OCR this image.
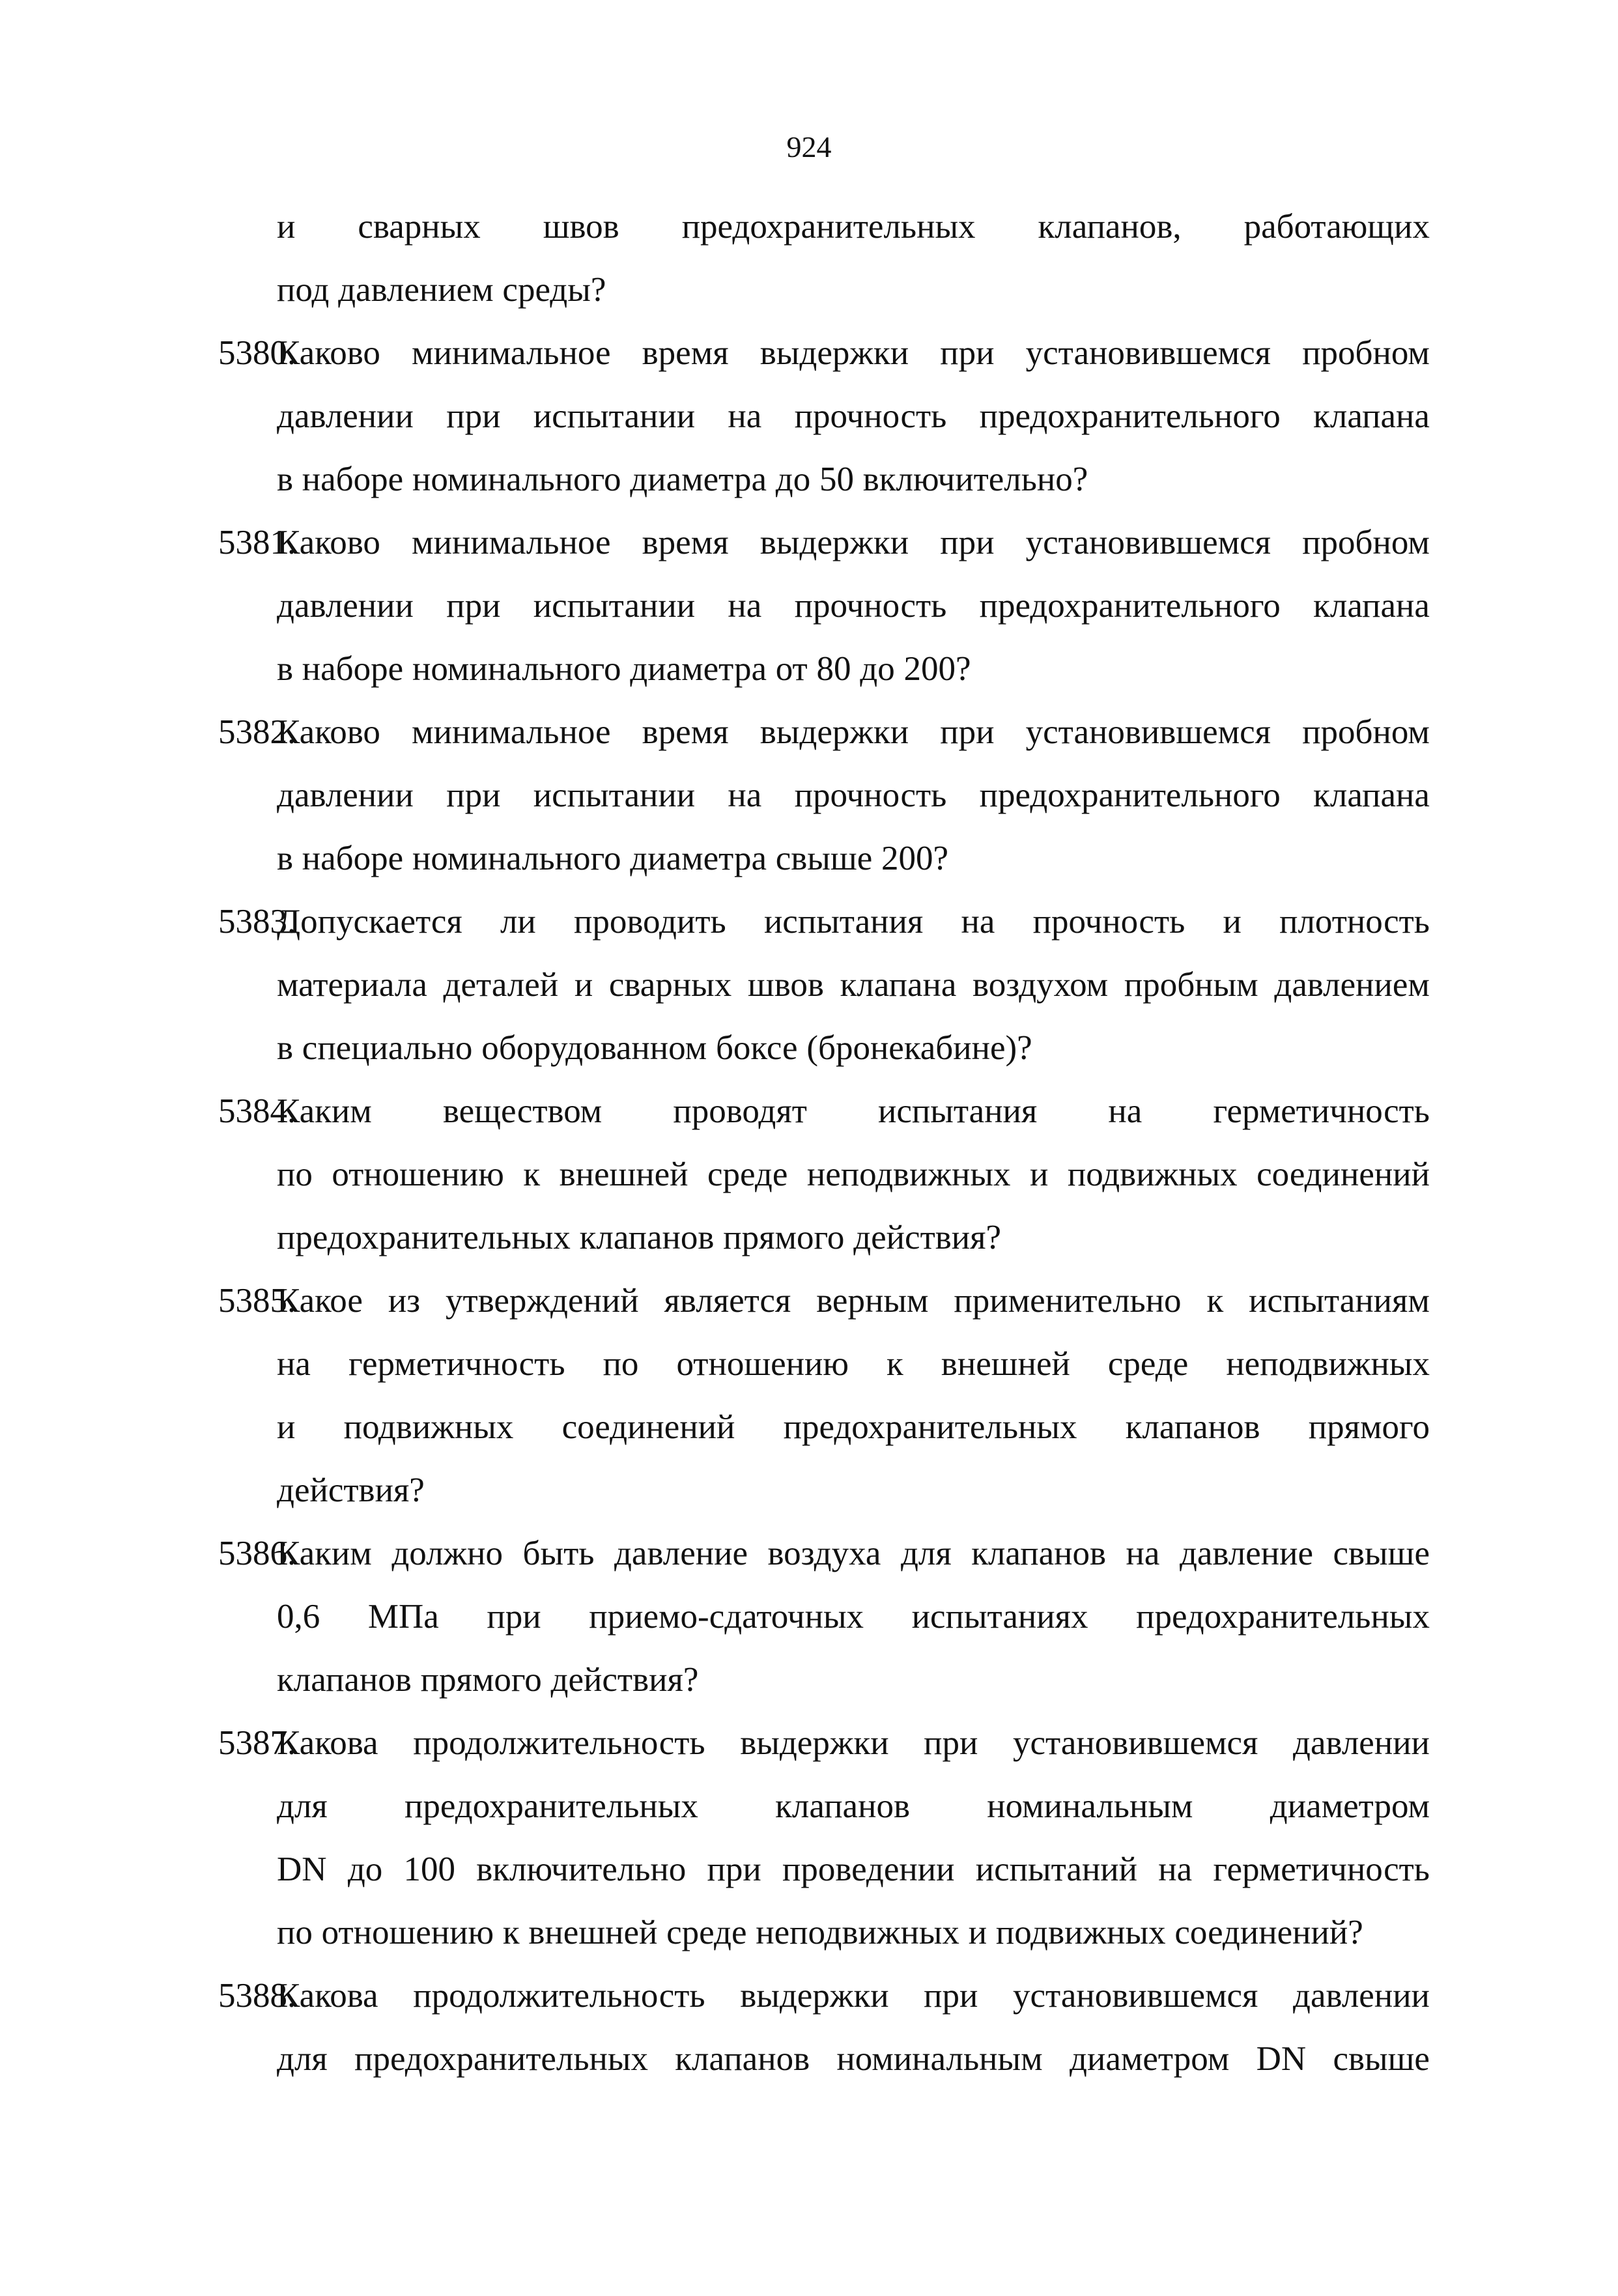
924
и сварных швов предохранительных клапанов, работающих
под давлением среды?
5380.
Каково минимальное время выдержки при установившемся пробном
давлении при испытании на прочность предохранительного клапана
в наборе номинального диаметра до 50 включительно?
5381.
Каково минимальное время выдержки при установившемся пробном
давлении при испытании на прочность предохранительного клапана
в наборе номинального диаметра от 80 до 200?
5382.
Каково минимальное время выдержки при установившемся пробном
давлении при испытании на прочность предохранительного клапана
в наборе номинального диаметра свыше 200?
5383.
Допускается ли проводить испытания на прочность и плотность
материала деталей и сварных швов клапана воздухом пробным давлением
в специально оборудованном боксе (бронекабине)?
5384.
Каким веществом проводят испытания на герметичность
по отношению к внешней среде неподвижных и подвижных соединений
предохранительных клапанов прямого действия?
5385.
Какое из утверждений является верным применительно к испытаниям
на герметичность по отношению к внешней среде неподвижных
и подвижных соединений предохранительных клапанов прямого
действия?
5386.
Каким должно быть давление воздуха для клапанов на давление свыше
0,6 МПа при приемо-сдаточных испытаниях предохранительных
клапанов прямого действия?
5387.
Какова продолжительность выдержки при установившемся давлении
для предохранительных клапанов номинальным диаметром
DN до 100 включительно при проведении испытаний на герметичность
по отношению к внешней среде неподвижных и подвижных соединений?
5388.
Какова продолжительность выдержки при установившемся давлении
для предохранительных клапанов номинальным диаметром DN свыше
